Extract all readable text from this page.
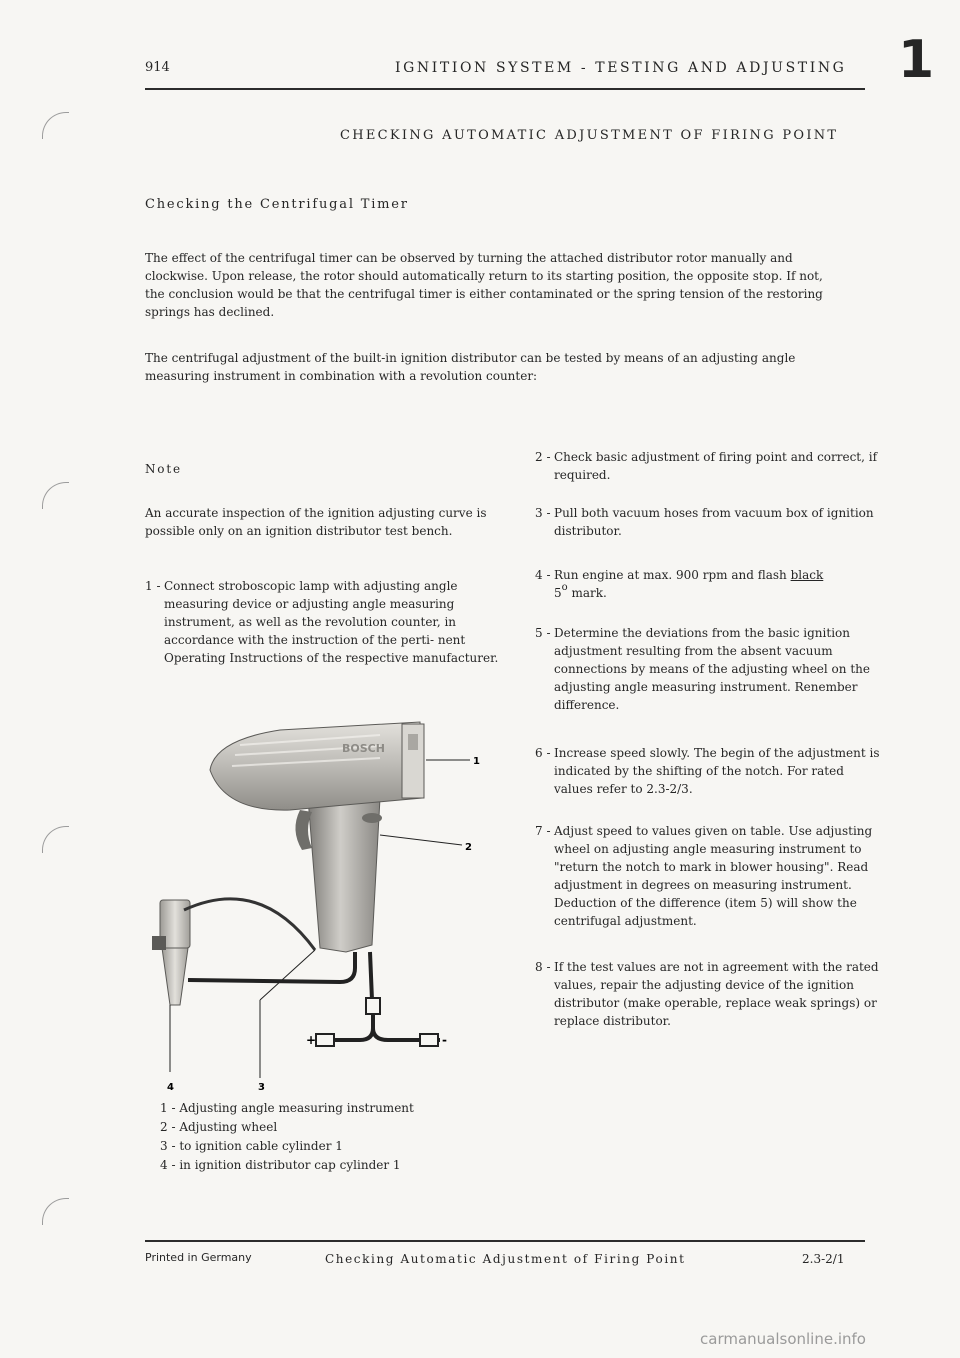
914	IGNITION SYSTEM - TESTING AND ADJUSTING 1
CHECKING AUTOMATIC ADJUSTMENT OF FIRING POINT
Checking the Centrifugal Timer
The effect of the centrifugal timer can be observed by turning the attached distributor rotor manually and clockwise. Upon release, the rotor should automatically return to its starting position, the opposite stop. If not, the conclusion would be that the centrifugal timer is either contaminated or the spring tension of the restoring springs has declined.
The centrifugal adjustment of the built-in ignition distributor can be tested by means of an adjusting angle measuring instrument in combination with a revolution counter:
Note
An accurate inspection of the ignition adjusting curve is possible only on an ignition distributor test bench.
1 - Connect stroboscopic lamp with adjusting angle measuring device or adjusting angle measuring instrument, as well as the revolution counter, in accordance with the instruction of the perti- nent Operating Instructions of the respective manufacturer.
2 - Check basic adjustment of firing point and correct, if required.
3 - Pull both vacuum hoses from vacuum box of ignition distributor.
4 - Run engine at max. 900 rpm and flash black
5$^o$ mark.
5 - Determine the deviations from the basic ignition adjustment resulting from the absent vacuum connections by means of the adjusting wheel on the adjusting angle measuring instrument. Renember difference.
6 - Increase speed slowly. The begin of the adjustment is indicated by the shifting of the notch. For rated values refer to 2.3-2/3.
7 - Adjust speed to values given on table. Use adjusting wheel on adjusting angle measuring instrument to "return the notch to mark in blower housing". Read adjustment in degrees on measuring instrument. Deduction of the difference (item 5) will show the centrifugal adjustment.
8 - If the test values are not in agreement with the rated values, repair the adjusting device of the ignition distributor (make operable, replace weak springs) or replace distributor.
BOSCH
+	-
1
2
3
4
1 - Adjusting angle measuring instrument
2 - Adjusting wheel
3 - to ignition cable cylinder 1
4 - in ignition distributor cap cylinder 1
Printed in Germany	Checking Automatic Adjustment of Firing Point	2.3-2/1
carmanualsonline.info
